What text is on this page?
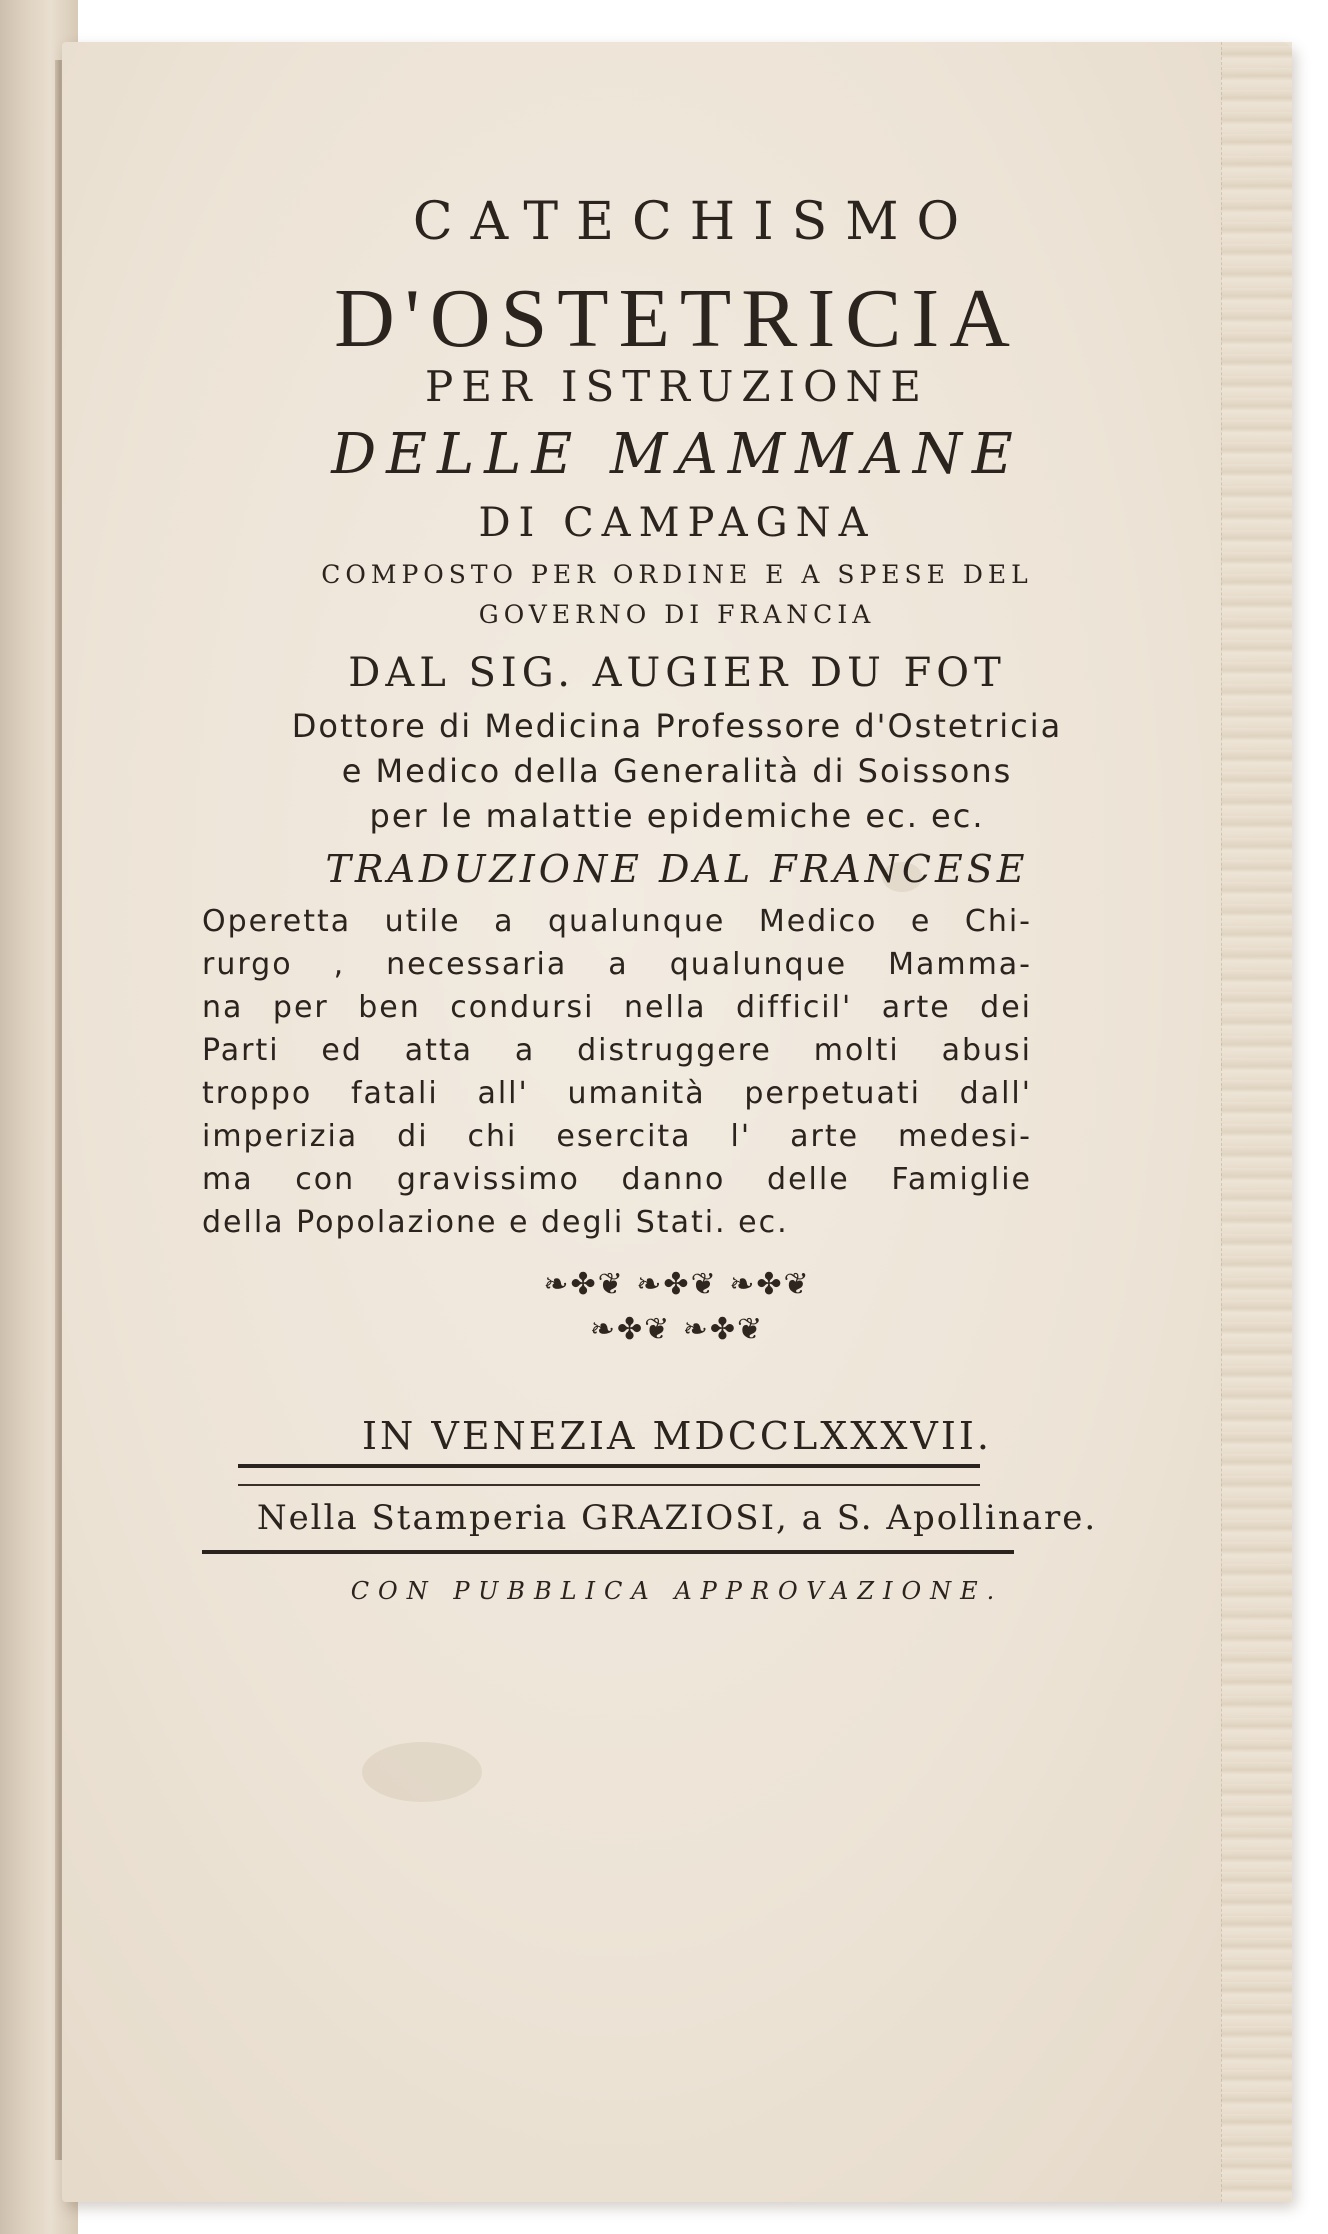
CATECHISMO
D'OSTETRICIA
PER ISTRUZIONE
DELLE MAMMANE
DI CAMPAGNA
COMPOSTO PER ORDINE E A SPESE DEL
GOVERNO DI FRANCIA
DAL SIG. AUGIER DU FOT
Dottore di Medicina Professore d'Ostetricia
e Medico della Generalità di Soissons
per le malattie epidemiche ec. ec.
TRADUZIONE DAL FRANCESE
Operetta utile a qualunque Medico e Chi-
rurgo , necessaria a qualunque Mamma-
na per ben condursi nella difficil' arte dei
Parti ed atta a distruggere molti abusi
troppo fatali all' umanità perpetuati dall'
imperizia di chi esercita l' arte medesi-
ma con gravissimo danno delle Famiglie
della Popolazione e degli Stati. ec.
❧✤❦ ❧✤❦ ❧✤❦
❧✤❦ ❧✤❦
IN VENEZIA MDCCLXXXVII.
Nella Stamperia GRAZIOSI, a S. Apollinare.
CON PUBBLICA APPROVAZIONE.
